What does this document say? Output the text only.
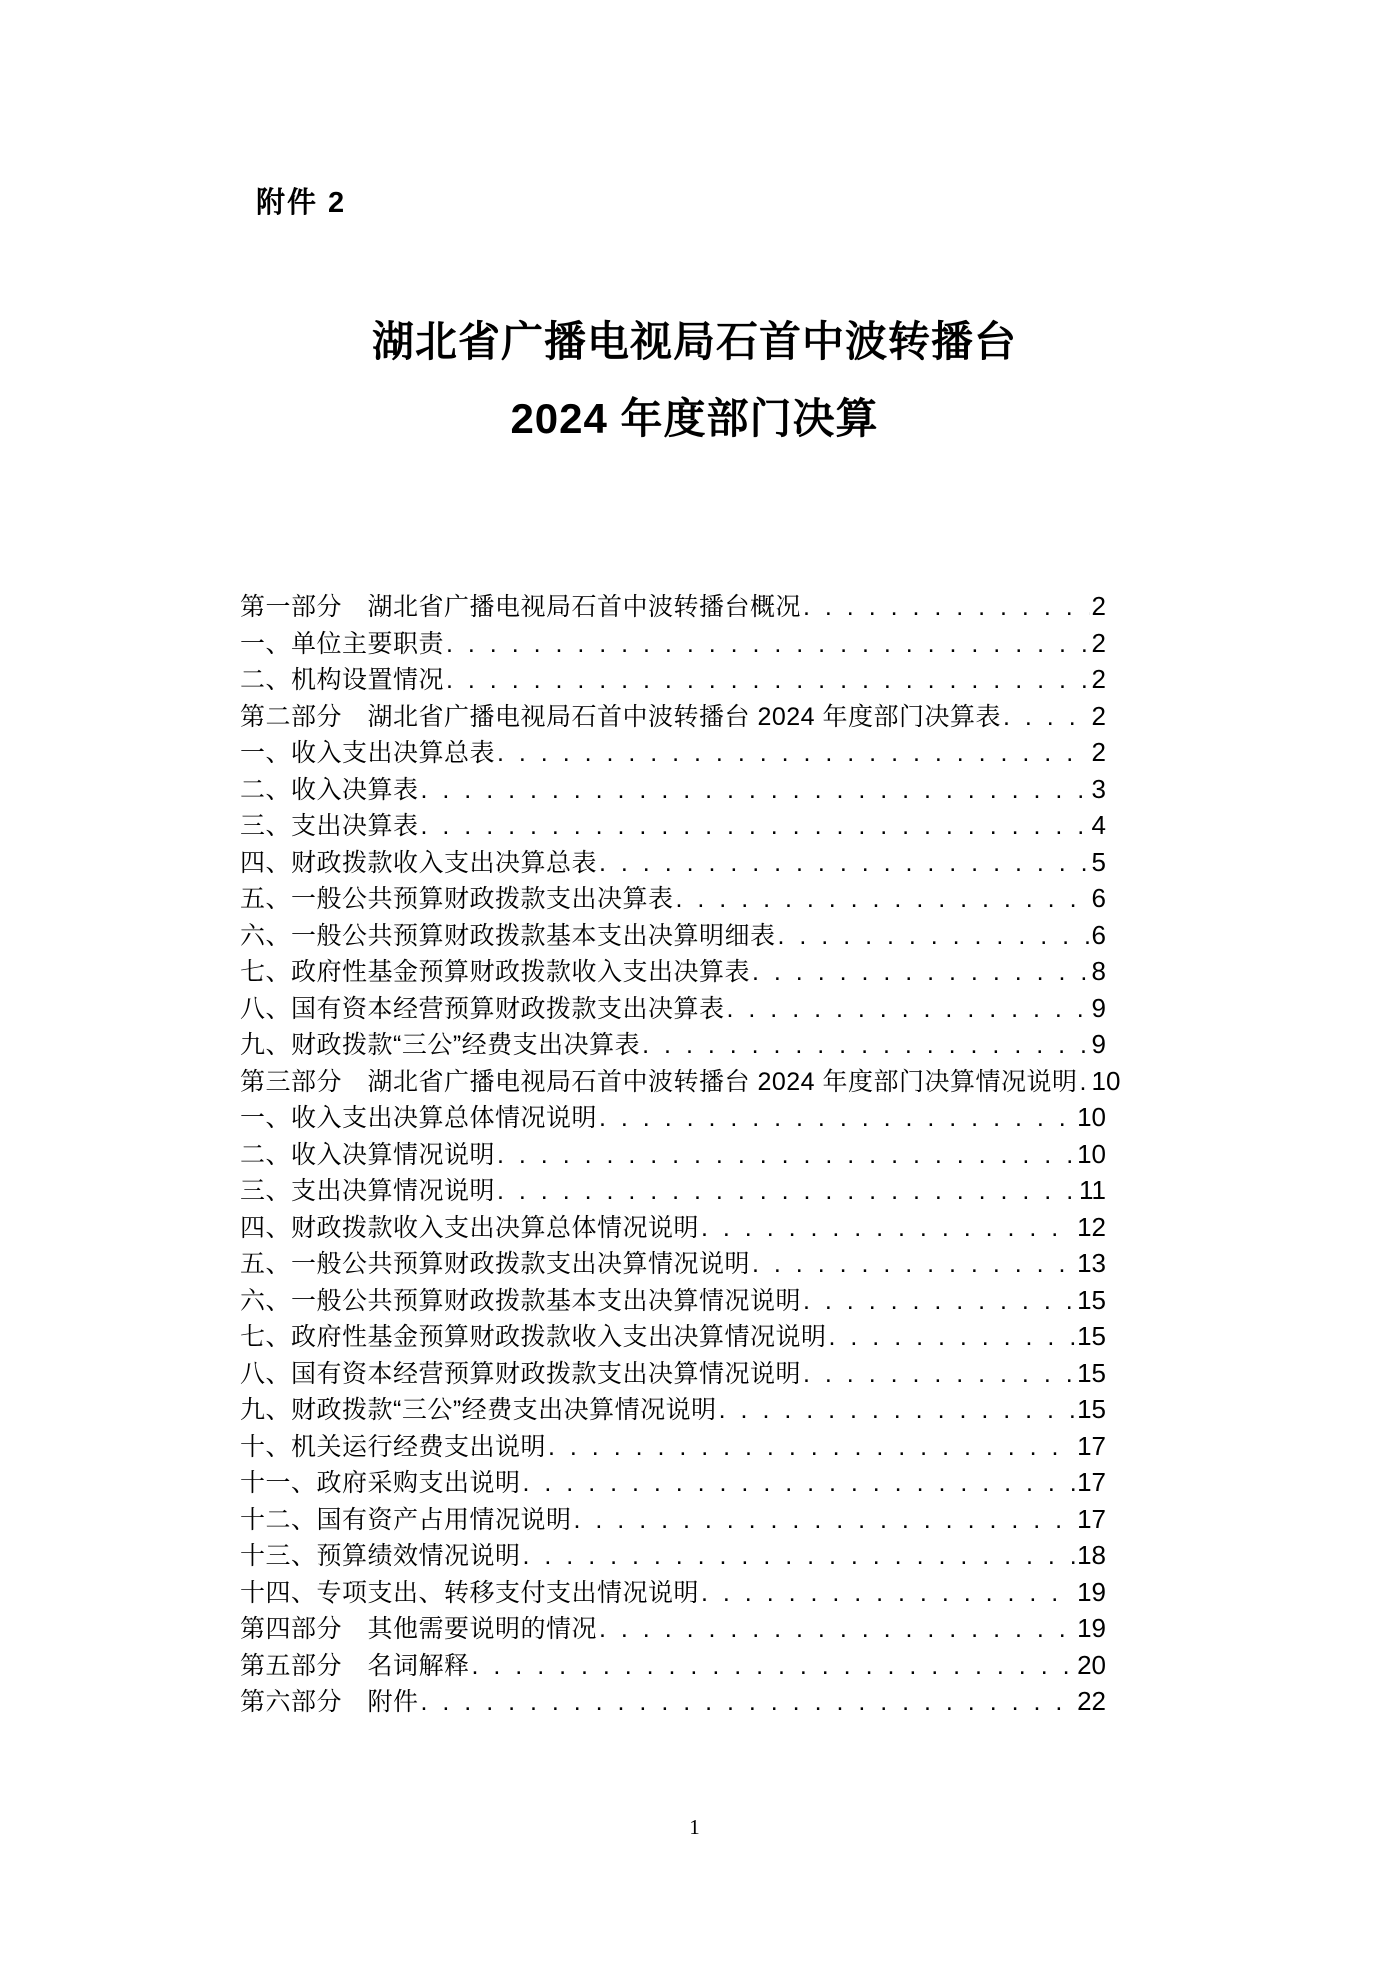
附件 2
湖北省广播电视局石首中波转播台
2024 年度部门决算
第一部分　湖北省广播电视局石首中波转播台概况 . . .	2
一、单位主要职责 . . .	2
二、机构设置情况 . . .	2
第二部分　湖北省广播电视局石首中波转播台 2024 年度部门决算表 . . .	2
一、收入支出决算总表 . . .	2
二、收入决算表 . . .	3
三、支出决算表 . . .	4
四、财政拨款收入支出决算总表 . . .	5
五、一般公共预算财政拨款支出决算表 . . .	6
六、一般公共预算财政拨款基本支出决算明细表 . . .	6
七、政府性基金预算财政拨款收入支出决算表 . . .	8
八、国有资本经营预算财政拨款支出决算表 . . .	9
九、财政拨款“三公”经费支出决算表 . . .	9
第三部分　湖北省广播电视局石首中波转播台 2024 年度部门决算情况说明 . . . 10
一、收入支出决算总体情况说明 . . .	10
二、收入决算情况说明 . . .	10
三、支出决算情况说明 . . .	11
四、财政拨款收入支出决算总体情况说明 . . .	12
五、一般公共预算财政拨款支出决算情况说明 . . .	13
六、一般公共预算财政拨款基本支出决算情况说明 . . .	15
七、政府性基金预算财政拨款收入支出决算情况说明 . . .	15
八、国有资本经营预算财政拨款支出决算情况说明 . . .	15
九、财政拨款“三公”经费支出决算情况说明 . . .	15
十、机关运行经费支出说明 . . .	17
十一、政府采购支出说明 . . .	17
十二、国有资产占用情况说明 . . .	17
十三、预算绩效情况说明 . . .	18
十四、专项支出、转移支付支出情况说明 . . .	19
第四部分　其他需要说明的情况 . . .	19
第五部分　名词解释 . . .	20
第六部分　附件 . . .	22
1
